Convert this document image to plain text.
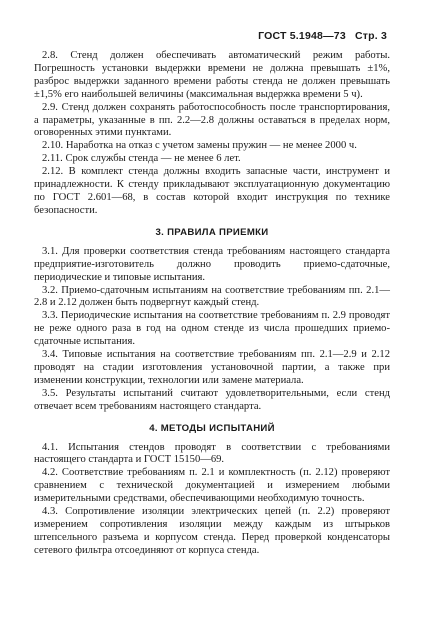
ГОСТ 5.1948—73 Стр. 3

2.8. Стенд должен обеспечивать автоматический режим работы. Погрешность установки выдержки времени не должна превышать ±1%, разброс выдержки заданного времени работы стенда не должен превышать ±1,5% его наибольшей величины (максимальная выдержка времени 5 ч).

2.9. Стенд должен сохранять работоспособность после транспортирования, а параметры, указанные в пп. 2.2—2.8 должны оставаться в пределах норм, оговоренных этими пунктами.

2.10. Наработка на отказ с учетом замены пружин — не менее 2000 ч.

2.11. Срок службы стенда — не менее 6 лет.

2.12. В комплект стенда должны входить запасные части, инструмент и принадлежности. К стенду прикладывают эксплуатационную документацию по ГОСТ 2.601—68, в состав которой входит инструкция по технике безопасности.

3. ПРАВИЛА ПРИЕМКИ

3.1. Для проверки соответствия стенда требованиям настоящего стандарта предприятие-изготовитель должно проводить приемо-сдаточные, периодические и типовые испытания.

3.2. Приемо-сдаточным испытаниям на соответствие требованиям пп. 2.1—2.8 и 2.12 должен быть подвергнут каждый стенд.

3.3. Периодические испытания на соответствие требованиям п. 2.9 проводят не реже одного раза в год на одном стенде из числа прошедших приемо-сдаточные испытания.

3.4. Типовые испытания на соответствие требованиям пп. 2.1—2.9 и 2.12 проводят на стадии изготовления установочной партии, а также при изменении конструкции, технологии или замене материала.

3.5. Результаты испытаний считают удовлетворительными, если стенд отвечает всем требованиям настоящего стандарта.

4. МЕТОДЫ ИСПЫТАНИЙ

4.1. Испытания стендов проводят в соответствии с требованиями настоящего стандарта и ГОСТ 15150—69.

4.2. Соответствие требованиям п. 2.1 и комплектность (п. 2.12) проверяют сравнением с технической документацией и измерением любыми измерительными средствами, обеспечивающими необходимую точность.

4.3. Сопротивление изоляции электрических цепей (п. 2.2) проверяют измерением сопротивления изоляции между каждым из штырьков штепсельного разъема и корпусом стенда. Перед проверкой конденсаторы сетевого фильтра отсоединяют от корпуса стенда.
